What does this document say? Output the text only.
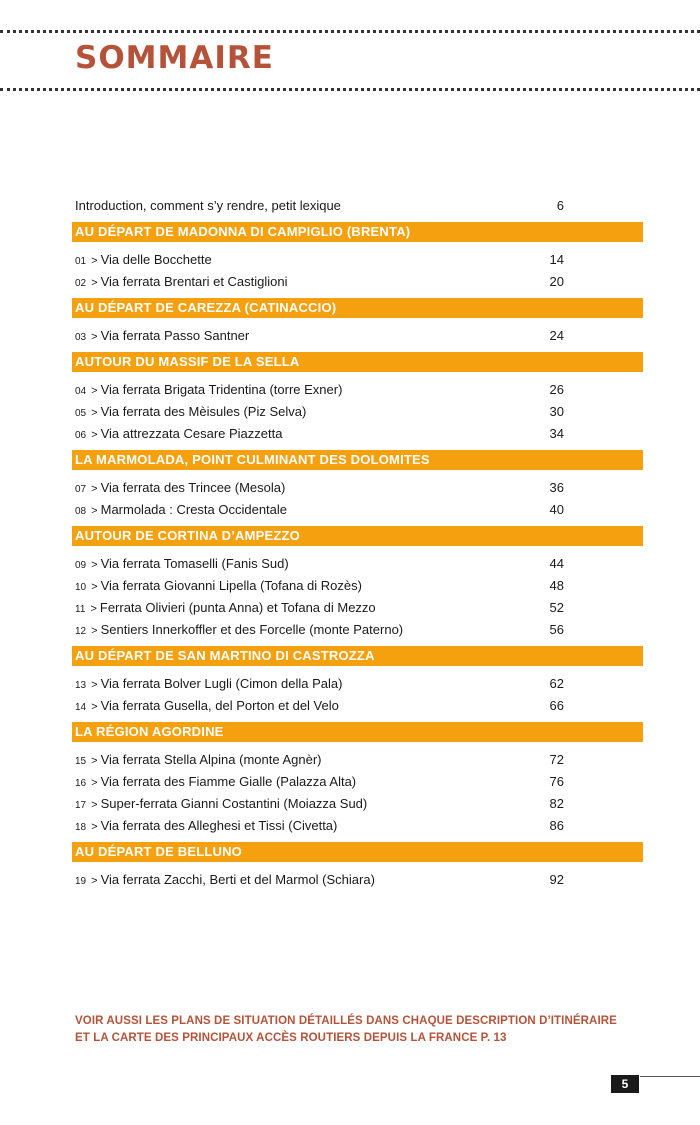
SOMMAIRE
Introduction, comment s’y rendre, petit lexique	6
AU DÉPART DE MADONNA DI CAMPIGLIO (BRENTA)
01 > Via delle Bocchette	14
02 > Via ferrata Brentari et Castiglioni	20
AU DÉPART DE CAREZZA (CATINACCIO)
03 > Via ferrata Passo Santner	24
AUTOUR DU MASSIF DE LA SELLA
04 > Via ferrata Brigata Tridentina (torre Exner)	26
05 > Via ferrata des Mèisules (Piz Selva)	30
06 > Via attrezzata Cesare Piazzetta	34
LA MARMOLADA, POINT CULMINANT DES DOLOMITES
07 > Via ferrata des Trincee (Mesola)	36
08 > Marmolada : Cresta Occidentale	40
AUTOUR DE CORTINA D’AMPEZZO
09 > Via ferrata Tomaselli (Fanis Sud)	44
10 > Via ferrata Giovanni Lipella (Tofana di Rozès)	48
11 > Ferrata Olivieri (punta Anna) et Tofana di Mezzo	52
12 > Sentiers Innerkoffler et des Forcelle (monte Paterno)	56
AU DÉPART DE SAN MARTINO DI CASTROZZA
13 > Via ferrata Bolver Lugli (Cimon della Pala)	62
14 > Via ferrata Gusella, del Porton et del Velo	66
LA RÉGION AGORDINE
15 > Via ferrata Stella Alpina (monte Agnèr)	72
16 > Via ferrata des Fiamme Gialle (Palazza Alta)	76
17 > Super-ferrata Gianni Costantini (Moiazza Sud)	82
18 > Via ferrata des Alleghesi et Tissi (Civetta)	86
AU DÉPART DE BELLUNO
19 > Via ferrata Zacchi, Berti et del Marmol (Schiara)	92

VOIR AUSSI LES PLANS DE SITUATION DÉTAILLÉS DANS CHAQUE DESCRIPTION D’ITINÉRAIRE
ET LA CARTE DES PRINCIPAUX ACCÈS ROUTIERS DEPUIS LA FRANCE P. 13

5
